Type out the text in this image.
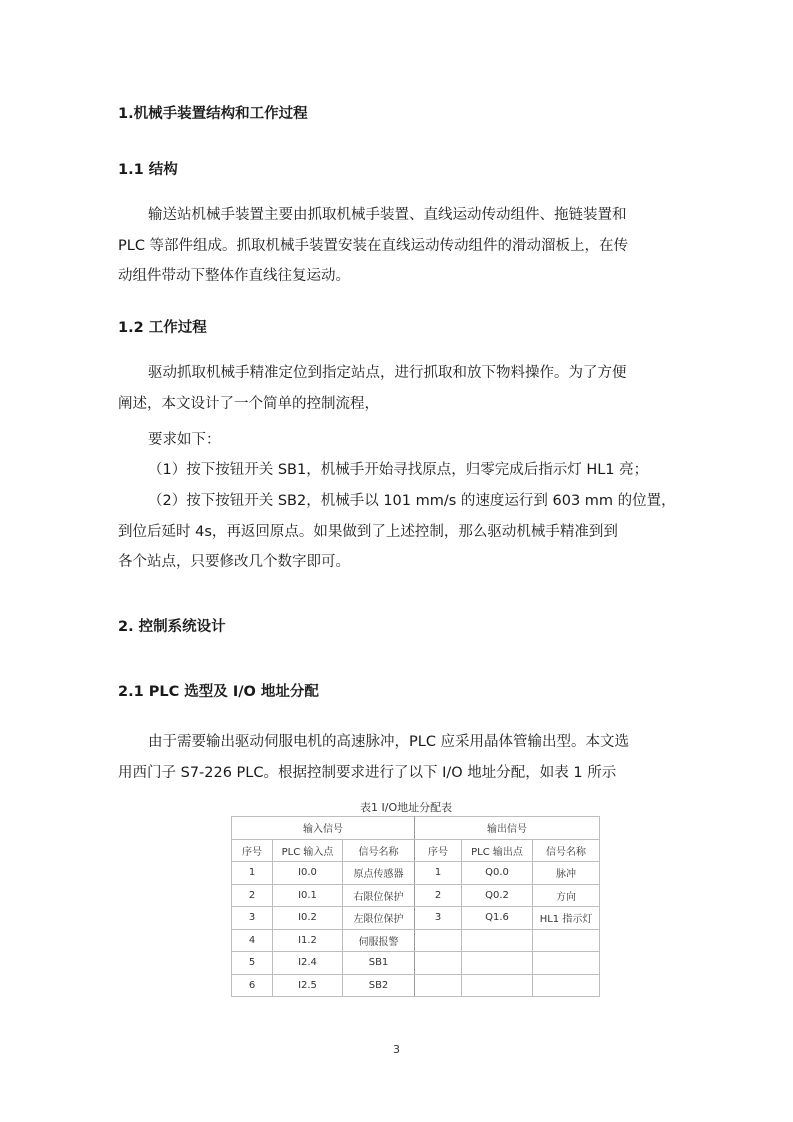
1.机械手装置结构和工作过程
1.1 结构
输送站机械手装置主要由抓取机械手装置、直线运动传动组件、拖链装置和
PLC 等部件组成。抓取机械手装置安装在直线运动传动组件的滑动溜板上，在传
动组件带动下整体作直线往复运动。
1.2 工作过程
驱动抓取机械手精准定位到指定站点，进行抓取和放下物料操作。为了方便
阐述，本文设计了一个简单的控制流程，
要求如下：
（1）按下按钮开关 SB1，机械手开始寻找原点，归零完成后指示灯 HL1 亮；
（2）按下按钮开关 SB2，机械手以 101 mm/s 的速度运行到 603 mm 的位置，
到位后延时 4s，再返回原点。如果做到了上述控制，那么驱动机械手精准到到
各个站点，只要修改几个数字即可。
2. 控制系统设计
2.1 PLC 选型及 I/O 地址分配
由于需要输出驱动伺服电机的高速脉冲，PLC 应采用晶体管输出型。本文选
用西门子 S7-226 PLC。根据控制要求进行了以下 I/O 地址分配，如表 1 所示
表1 I/O地址分配表
输入信号			输出信号		
序号	PLC 输入点	信号名称	序号	PLC 输出点	信号名称
1	I0.0	原点传感器	1	Q0.0	脉冲
2	I0.1	右限位保护	2	Q0.2	方向
3	I0.2	左限位保护	3	Q1.6	HL1 指示灯
4	I1.2	伺服报警			
5	I2.4	SB1			
6	I2.5	SB2			
3
